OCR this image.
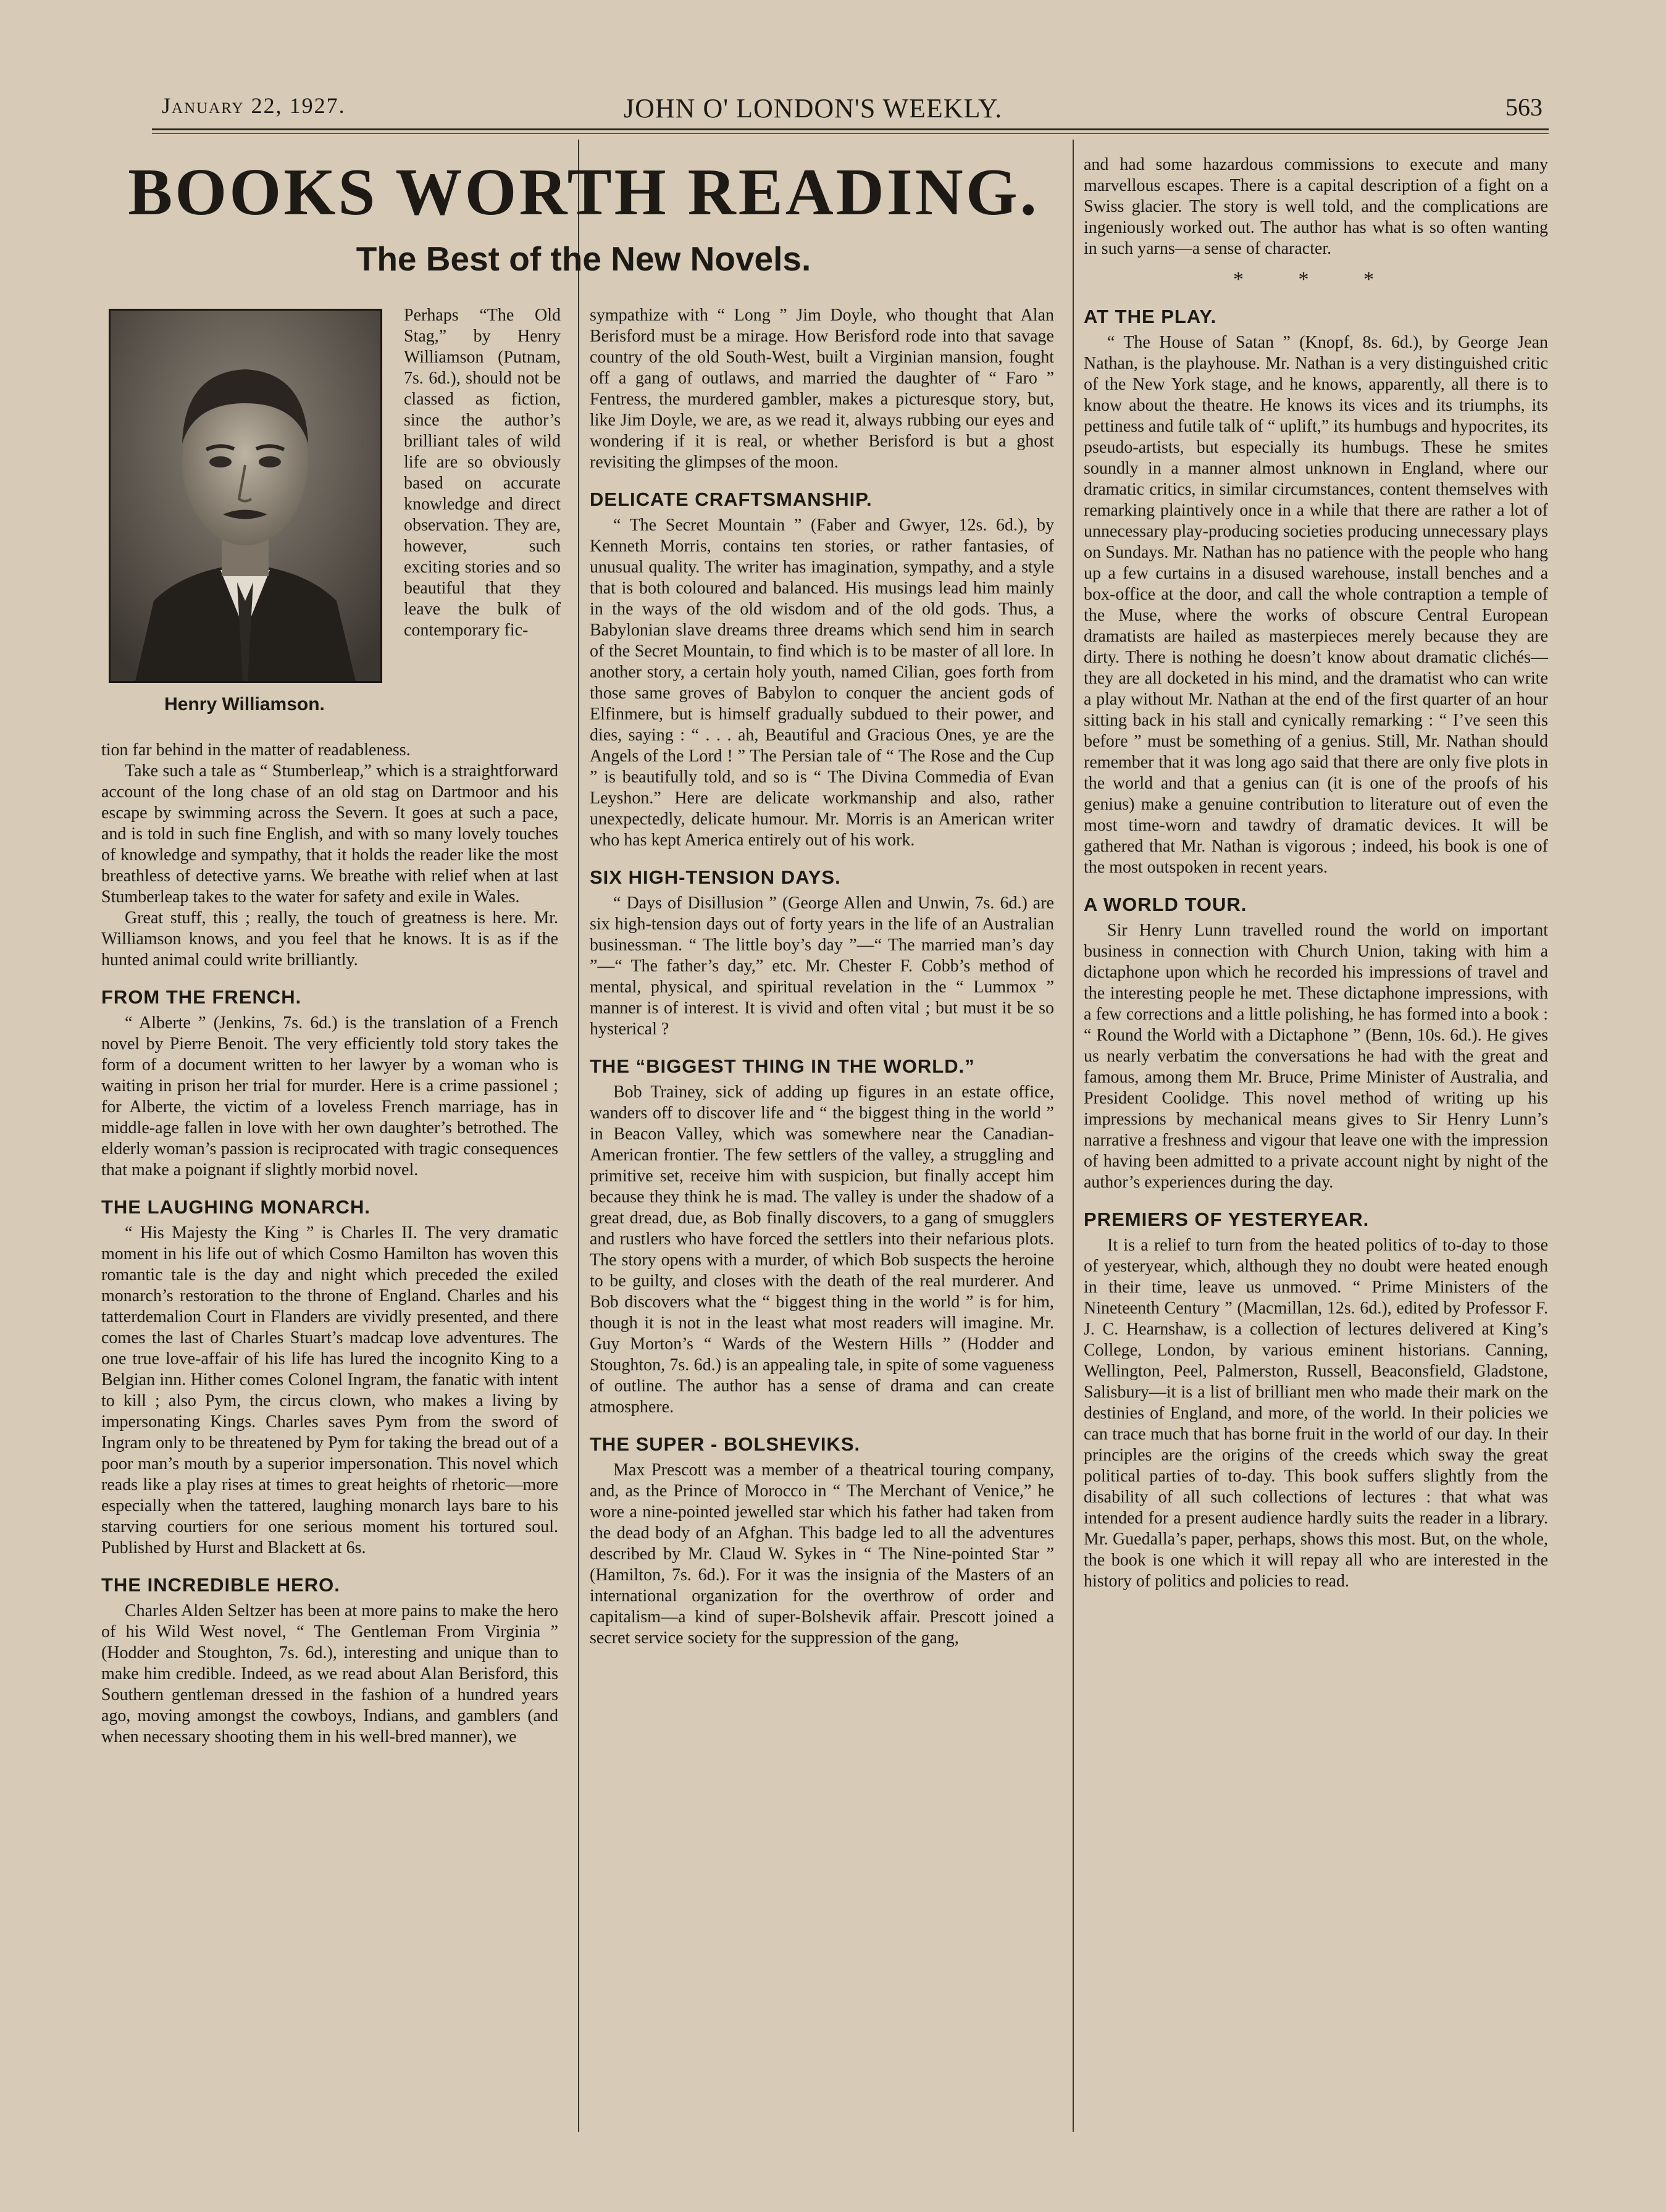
January 22, 1927.	JOHN O' LONDON'S WEEKLY.	563
BOOKS WORTH READING.
The Best of the New Novels.
Henry Williamson.

Perhaps “The Old Stag,” by Henry Williamson (Putnam, 7s. 6d.), should not be classed as fiction, since the author’s brilliant tales of wild life are so obviously based on accurate knowledge and direct observation. They are, however, such exciting stories and so beautiful that they leave the bulk of contemporary fic-

tion far behind in the matter of readableness.

Take such a tale as “ Stumberleap,” which is a straightforward account of the long chase of an old stag on Dartmoor and his escape by swimming across the Severn. It goes at such a pace, and is told in such fine English, and with so many lovely touches of knowledge and sympathy, that it holds the reader like the most breathless of detective yarns. We breathe with relief when at last Stumberleap takes to the water for safety and exile in Wales.

Great stuff, this ; really, the touch of greatness is here. Mr. Williamson knows, and you feel that he knows. It is as if the hunted animal could write brilliantly.

FROM THE FRENCH.

“ Alberte ” (Jenkins, 7s. 6d.) is the translation of a French novel by Pierre Benoit. The very efficiently told story takes the form of a document written to her lawyer by a woman who is waiting in prison her trial for murder. Here is a crime passionel ; for Alberte, the victim of a loveless French marriage, has in middle-age fallen in love with her own daughter’s betrothed. The elderly woman’s passion is reciprocated with tragic consequences that make a poignant if slightly morbid novel.

THE LAUGHING MONARCH.

“ His Majesty the King ” is Charles II. The very dramatic moment in his life out of which Cosmo Hamilton has woven this romantic tale is the day and night which preceded the exiled monarch’s restoration to the throne of England. Charles and his tatterdemalion Court in Flanders are vividly presented, and there comes the last of Charles Stuart’s madcap love adventures. The one true love-affair of his life has lured the incognito King to a Belgian inn. Hither comes Colonel Ingram, the fanatic with intent to kill ; also Pym, the circus clown, who makes a living by impersonating Kings. Charles saves Pym from the sword of Ingram only to be threatened by Pym for taking the bread out of a poor man’s mouth by a superior impersonation. This novel which reads like a play rises at times to great heights of rhetoric—more especially when the tattered, laughing monarch lays bare to his starving courtiers for one serious moment his tortured soul. Published by Hurst and Blackett at 6s.

THE INCREDIBLE HERO.

Charles Alden Seltzer has been at more pains to make the hero of his Wild West novel, “ The Gentleman From Virginia ” (Hodder and Stoughton, 7s. 6d.), interesting and unique than to make him credible. Indeed, as we read about Alan Berisford, this Southern gentleman dressed in the fashion of a hundred years ago, moving amongst the cowboys, Indians, and gamblers (and when necessary shooting them in his well-bred manner), we

sympathize with “ Long ” Jim Doyle, who thought that Alan Berisford must be a mirage. How Berisford rode into that savage country of the old South-West, built a Virginian mansion, fought off a gang of outlaws, and married the daughter of “ Faro ” Fentress, the murdered gambler, makes a picturesque story, but, like Jim Doyle, we are, as we read it, always rubbing our eyes and wondering if it is real, or whether Berisford is but a ghost revisiting the glimpses of the moon.

DELICATE CRAFTSMANSHIP.

“ The Secret Mountain ” (Faber and Gwyer, 12s. 6d.), by Kenneth Morris, contains ten stories, or rather fantasies, of unusual quality. The writer has imagination, sympathy, and a style that is both coloured and balanced. His musings lead him mainly in the ways of the old wisdom and of the old gods. Thus, a Babylonian slave dreams three dreams which send him in search of the Secret Mountain, to find which is to be master of all lore. In another story, a certain holy youth, named Cilian, goes forth from those same groves of Babylon to conquer the ancient gods of Elfinmere, but is himself gradually subdued to their power, and dies, saying : “ . . . ah, Beautiful and Gracious Ones, ye are the Angels of the Lord ! ” The Persian tale of “ The Rose and the Cup ” is beautifully told, and so is “ The Divina Commedia of Evan Leyshon.” Here are delicate workmanship and also, rather unexpectedly, delicate humour. Mr. Morris is an American writer who has kept America entirely out of his work.

SIX HIGH-TENSION DAYS.

“ Days of Disillusion ” (George Allen and Unwin, 7s. 6d.) are six high-tension days out of forty years in the life of an Australian businessman. “ The little boy’s day ”—“ The married man’s day ”—“ The father’s day,” etc. Mr. Chester F. Cobb’s method of mental, physical, and spiritual revelation in the “ Lummox ” manner is of interest. It is vivid and often vital ; but must it be so hysterical ?

THE “BIGGEST THING IN THE WORLD.”

Bob Trainey, sick of adding up figures in an estate office, wanders off to discover life and “ the biggest thing in the world ” in Beacon Valley, which was somewhere near the Canadian-American frontier. The few settlers of the valley, a struggling and primitive set, receive him with suspicion, but finally accept him because they think he is mad. The valley is under the shadow of a great dread, due, as Bob finally discovers, to a gang of smugglers and rustlers who have forced the settlers into their nefarious plots. The story opens with a murder, of which Bob suspects the heroine to be guilty, and closes with the death of the real murderer. And Bob discovers what the “ biggest thing in the world ” is for him, though it is not in the least what most readers will imagine. Mr. Guy Morton’s “ Wards of the Western Hills ” (Hodder and Stoughton, 7s. 6d.) is an appealing tale, in spite of some vagueness of outline. The author has a sense of drama and can create atmosphere.

THE SUPER - BOLSHEVIKS.

Max Prescott was a member of a theatrical touring company, and, as the Prince of Morocco in “ The Merchant of Venice,” he wore a nine-pointed jewelled star which his father had taken from the dead body of an Afghan. This badge led to all the adventures described by Mr. Claud W. Sykes in “ The Nine-pointed Star ” (Hamilton, 7s. 6d.). For it was the insignia of the Masters of an international organization for the overthrow of order and capitalism—a kind of super-Bolshevik affair. Prescott joined a secret service society for the suppression of the gang,

and had some hazardous commissions to execute and many marvellous escapes. There is a capital description of a fight on a Swiss glacier. The story is well told, and the complications are ingeniously worked out. The author has what is so often wanting in such yarns—a sense of character.

* * *
AT THE PLAY.

“ The House of Satan ” (Knopf, 8s. 6d.), by George Jean Nathan, is the playhouse. Mr. Nathan is a very distinguished critic of the New York stage, and he knows, apparently, all there is to know about the theatre. He knows its vices and its triumphs, its pettiness and futile talk of “ uplift,” its humbugs and hypocrites, its pseudo-artists, but especially its humbugs. These he smites soundly in a manner almost unknown in England, where our dramatic critics, in similar circumstances, content themselves with remarking plaintively once in a while that there are rather a lot of unnecessary play-producing societies producing unnecessary plays on Sundays. Mr. Nathan has no patience with the people who hang up a few curtains in a disused warehouse, install benches and a box-office at the door, and call the whole contraption a temple of the Muse, where the works of obscure Central European dramatists are hailed as masterpieces merely because they are dirty. There is nothing he doesn’t know about dramatic clichés—they are all docketed in his mind, and the dramatist who can write a play without Mr. Nathan at the end of the first quarter of an hour sitting back in his stall and cynically remarking : “ I’ve seen this before ” must be something of a genius. Still, Mr. Nathan should remember that it was long ago said that there are only five plots in the world and that a genius can (it is one of the proofs of his genius) make a genuine contribution to literature out of even the most time-worn and tawdry of dramatic devices. It will be gathered that Mr. Nathan is vigorous ; indeed, his book is one of the most outspoken in recent years.

A WORLD TOUR.

Sir Henry Lunn travelled round the world on important business in connection with Church Union, taking with him a dictaphone upon which he recorded his impressions of travel and the interesting people he met. These dictaphone impressions, with a few corrections and a little polishing, he has formed into a book : “ Round the World with a Dictaphone ” (Benn, 10s. 6d.). He gives us nearly verbatim the conversations he had with the great and famous, among them Mr. Bruce, Prime Minister of Australia, and President Coolidge. This novel method of writing up his impressions by mechanical means gives to Sir Henry Lunn’s narrative a freshness and vigour that leave one with the impression of having been admitted to a private account night by night of the author’s experiences during the day.

PREMIERS OF YESTERYEAR.

It is a relief to turn from the heated politics of to-day to those of yesteryear, which, although they no doubt were heated enough in their time, leave us unmoved. “ Prime Ministers of the Nineteenth Century ” (Macmillan, 12s. 6d.), edited by Professor F. J. C. Hearnshaw, is a collection of lectures delivered at King’s College, London, by various eminent historians. Canning, Wellington, Peel, Palmerston, Russell, Beaconsfield, Gladstone, Salisbury—it is a list of brilliant men who made their mark on the destinies of England, and more, of the world. In their policies we can trace much that has borne fruit in the world of our day. In their principles are the origins of the creeds which sway the great political parties of to-day. This book suffers slightly from the disability of all such collections of lectures : that what was intended for a present audience hardly suits the reader in a library. Mr. Guedalla’s paper, perhaps, shows this most. But, on the whole, the book is one which it will repay all who are interested in the history of politics and policies to read.
